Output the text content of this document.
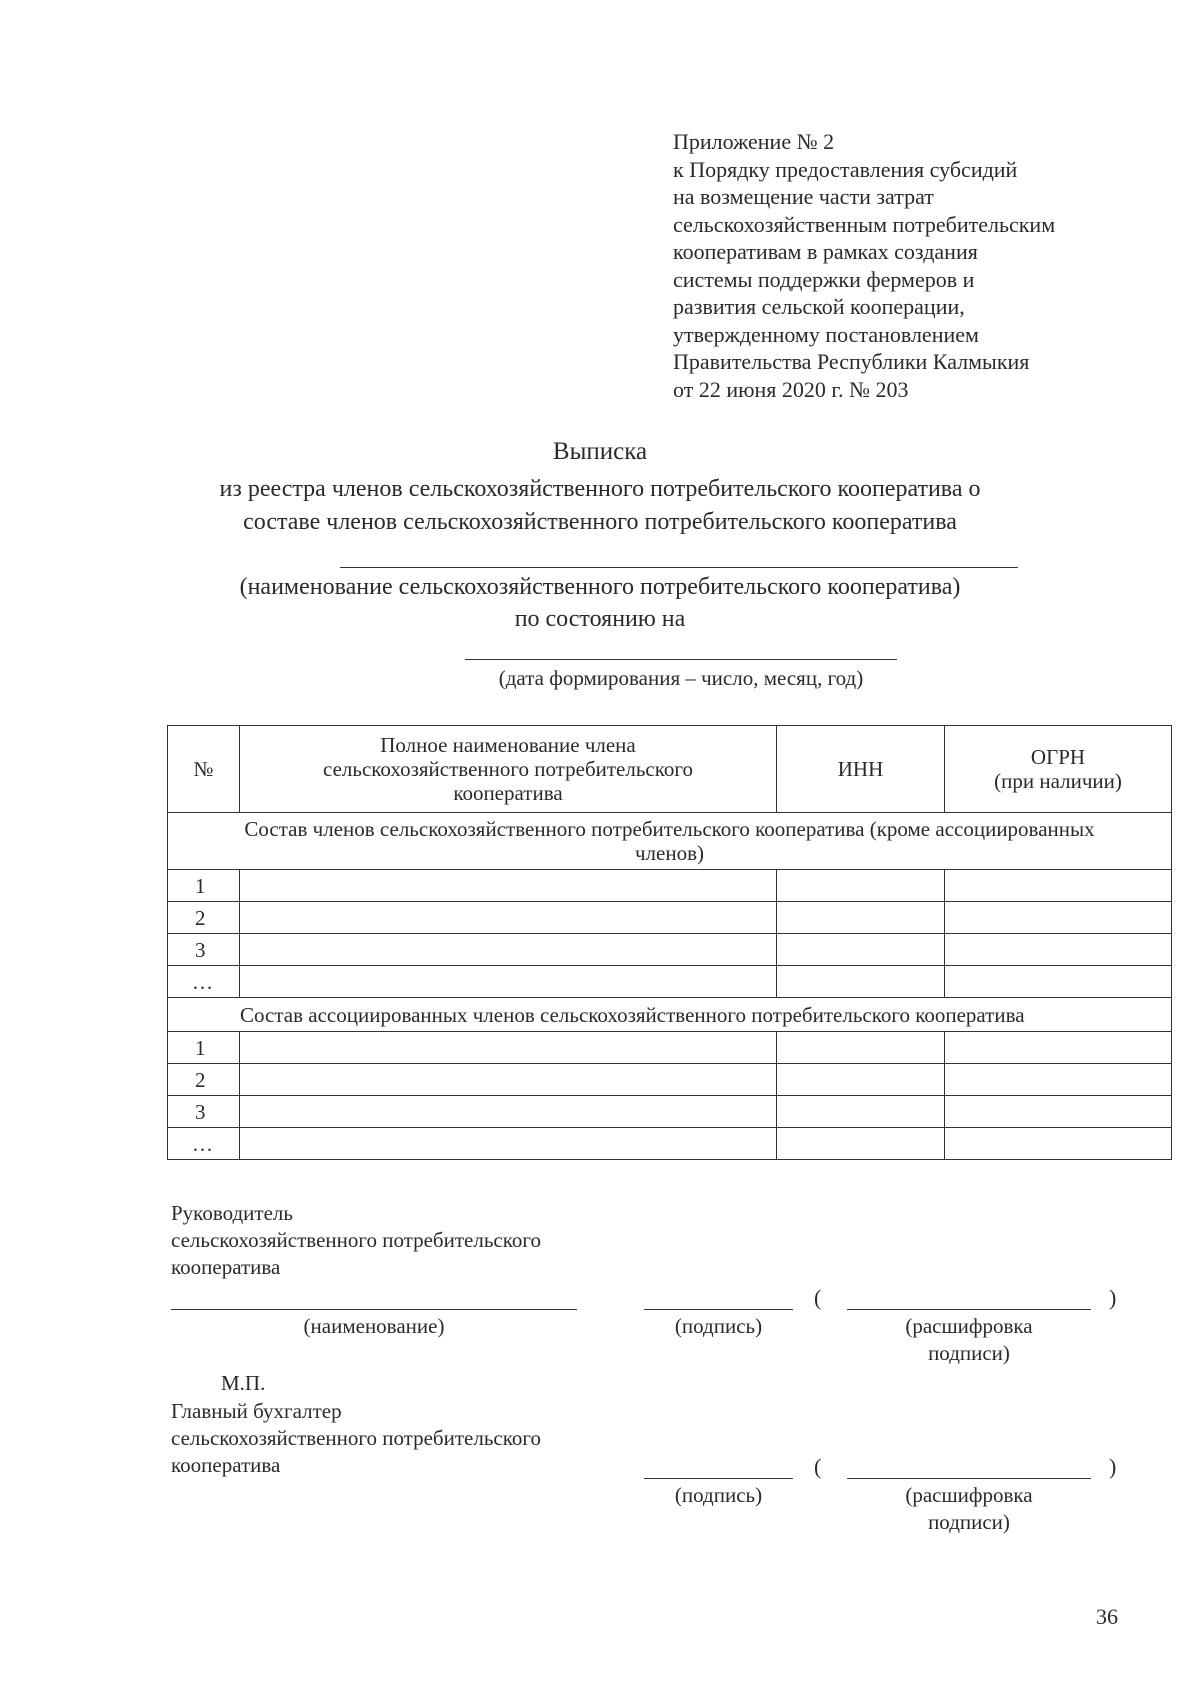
Приложение № 2
к Порядку предоставления субсидий
на возмещение части затрат
сельскохозяйственным потребительским
кооперативам в рамках создания
системы поддержки фермеров и
развития сельской кооперации,
утвержденному постановлением
Правительства Республики Калмыкия
от 22 июня 2020 г. № 203
Выписка
из реестра членов сельскохозяйственного потребительского кооператива о
составе членов сельскохозяйственного потребительского кооператива
(наименование сельскохозяйственного потребительского кооператива)
по состоянию на
(дата формирования – число, месяц, год)
№	Полное наименование члена сельскохозяйственного потребительского кооператива	ИНН	ОГРН
(при наличии)

Состав членов сельскохозяйственного потребительского кооператива (кроме ассоциированных членов)			
1			
2			
3			
…			
Состав ассоциированных членов сельскохозяйственного потребительского кооператива			
1			
2			
3			
…			
Руководитель
сельскохозяйственного потребительского
кооператива
(	)
(наименование)	(подпись)	(расшифровка
подписи)
М.П.
Главный бухгалтер
сельскохозяйственного потребительского
кооператива	(	)
(подпись)	(расшифровка
подписи)
36
